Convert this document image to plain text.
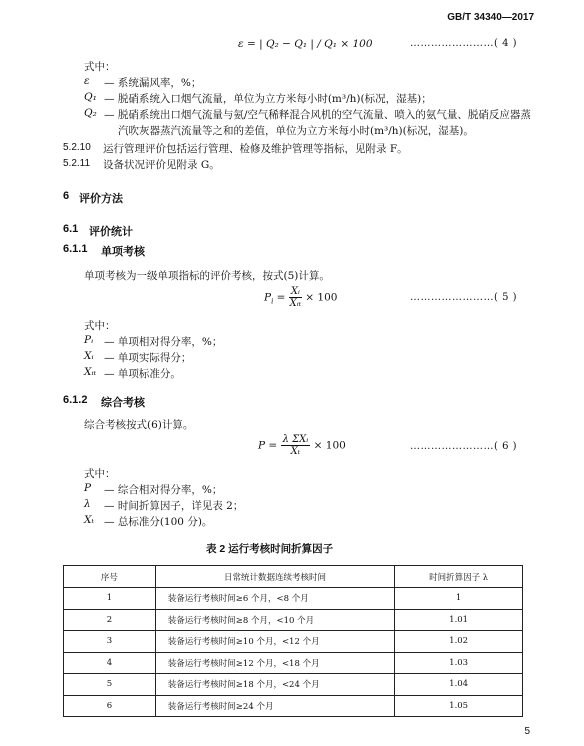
GB/T 34340—2017
ε = | Q₂ − Q₁ | / Q₁ × 100	……………………( 4 )
式中：
ε — 系统漏风率，%；
Q₁ — 脱硝系统入口烟气流量，单位为立方米每小时(m³/h)(标况，湿基)；
Q₂ — 脱硝系统出口烟气流量与氨/空气稀释混合风机的空气流量、喷入的氨气量、脱硝反应器蒸
汽吹灰器蒸汽流量等之和的差值，单位为立方米每小时(m³/h)(标况，湿基)。
5.2.10 运行管理评价包括运行管理、检修及维护管理等指标，见附录 F。
5.2.11 设备状况评价见附录 G。
6 评价方法
6.1 评价统计
6.1.1 单项考核
单项考核为一级单项指标的评价考核，按式(5)计算。
$P_i = \frac{\text{Xᵢ}}{\text{Xᵢₜ}} \times 100$	……………………( 5 )
式中：
Pᵢ — 单项相对得分率，%；
Xᵢ — 单项实际得分；
Xᵢₜ — 单项标准分。
6.1.2 综合考核
综合考核按式(6)计算。
$P = \frac{\text{λ ΣXᵢ}}{\text{Xₜ}} \times 100$	……………………( 6 )
式中：
P — 综合相对得分率，%；
λ — 时间折算因子，详见表 2；
Xₜ — 总标准分(100 分)。
表 2 运行考核时间折算因子
序号	日常统计数据连续考核时间	时间折算因子 λ
1	装备运行考核时间≥6 个月，<8 个月	1
2	装备运行考核时间≥8 个月，<10 个月	1.01
3	装备运行考核时间≥10 个月，<12 个月	1.02
4	装备运行考核时间≥12 个月，<18 个月	1.03
5	装备运行考核时间≥18 个月，<24 个月	1.04
6	装备运行考核时间≥24 个月	1.05
5
